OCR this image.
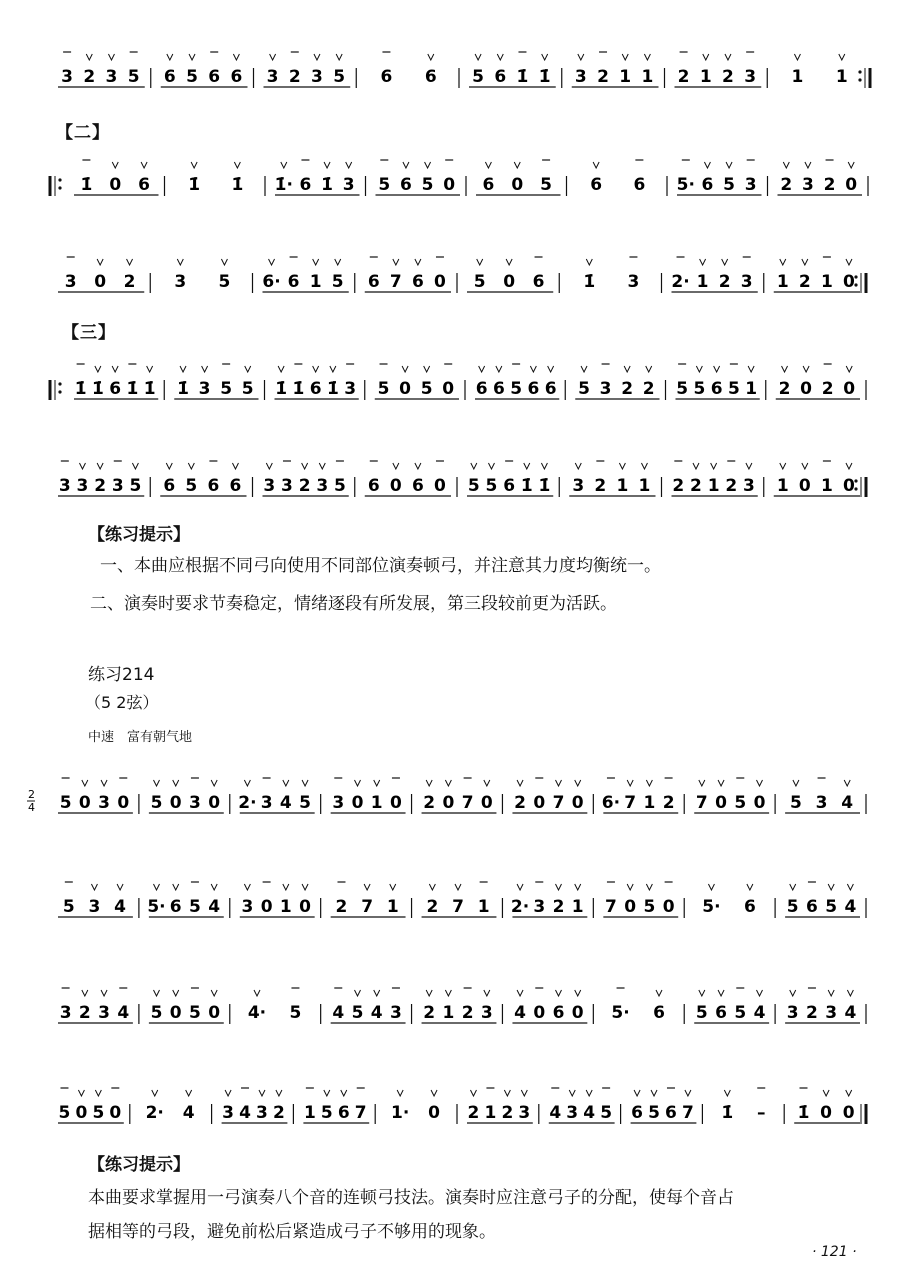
3 2 3 5 6 5 6 6 3 2 3 5 6 6 5 6 1̇ 1̇ 3 2 1 1 2 1 2 3 1 1
【二】
1̇ 0 6 1̇ 1̇ 1̇· 6 1̇ 3 5 6 5 0 6 0 5 6 6 5· 6 5 3 2 3 2 0
3 0 2 3 5 6· 6 1 5 6 7 6 0 5 0 6 1̇ 3 2· 1 2 3 1 2 1 0
【三】
1̇ 1̇ 6 1̇ 1̇ 1̇ 3 5 5 1̇ 1̇ 6 1̇ 3 5 0 5 0 6 6 5 6 6 5 3 2 2 5 5 6 5 1 2 0 2 0
3 3 2 3 5 6 5 6 6 3 3 2 3 5 6 0 6 0 5 5 6 1̇ 1̇ 3 2 1 1 2 2 1 2 3 1 0 1 0
【练习提示】
一、本曲应根据不同弓向使用不同部位演奏顿弓，并注意其力度均衡统一。
二、演奏时要求节奏稳定，情绪逐段有所发展，第三段较前更为活跃。
练习214
（5 2弦）
中速　富有朝气地
2
4 5 0 3 0 5 0 3 0 2· 3 4 5 3 0 1 0 2 0 7 0 2 0 7 0 6· 7 1 2 7 0 5 0 5 3 4
5 3 4 5· 6 5 4 3 0 1 0 2 7 1 2 7 1 2· 3 2 1 7 0 5 0 5· 6 5 6 5 4
3 2 3 4 5 0 5 0 4· 5 4 5 4 3 2 1 2 3 4 0 6 0 5· 6 5 6 5 4 3 2 3 4
5 0 5 0 2· 4 3 4 3 2 1 5 6 7 1· 0 2 1 2 3 4 3 4 5 6 5 6 7 1̇ – 1̇ 0 0
【练习提示】
本曲要求掌握用一弓演奏八个音的连顿弓技法。演奏时应注意弓子的分配，使每个音占
据相等的弓段，避免前松后紧造成弓子不够用的现象。
· 121 ·
